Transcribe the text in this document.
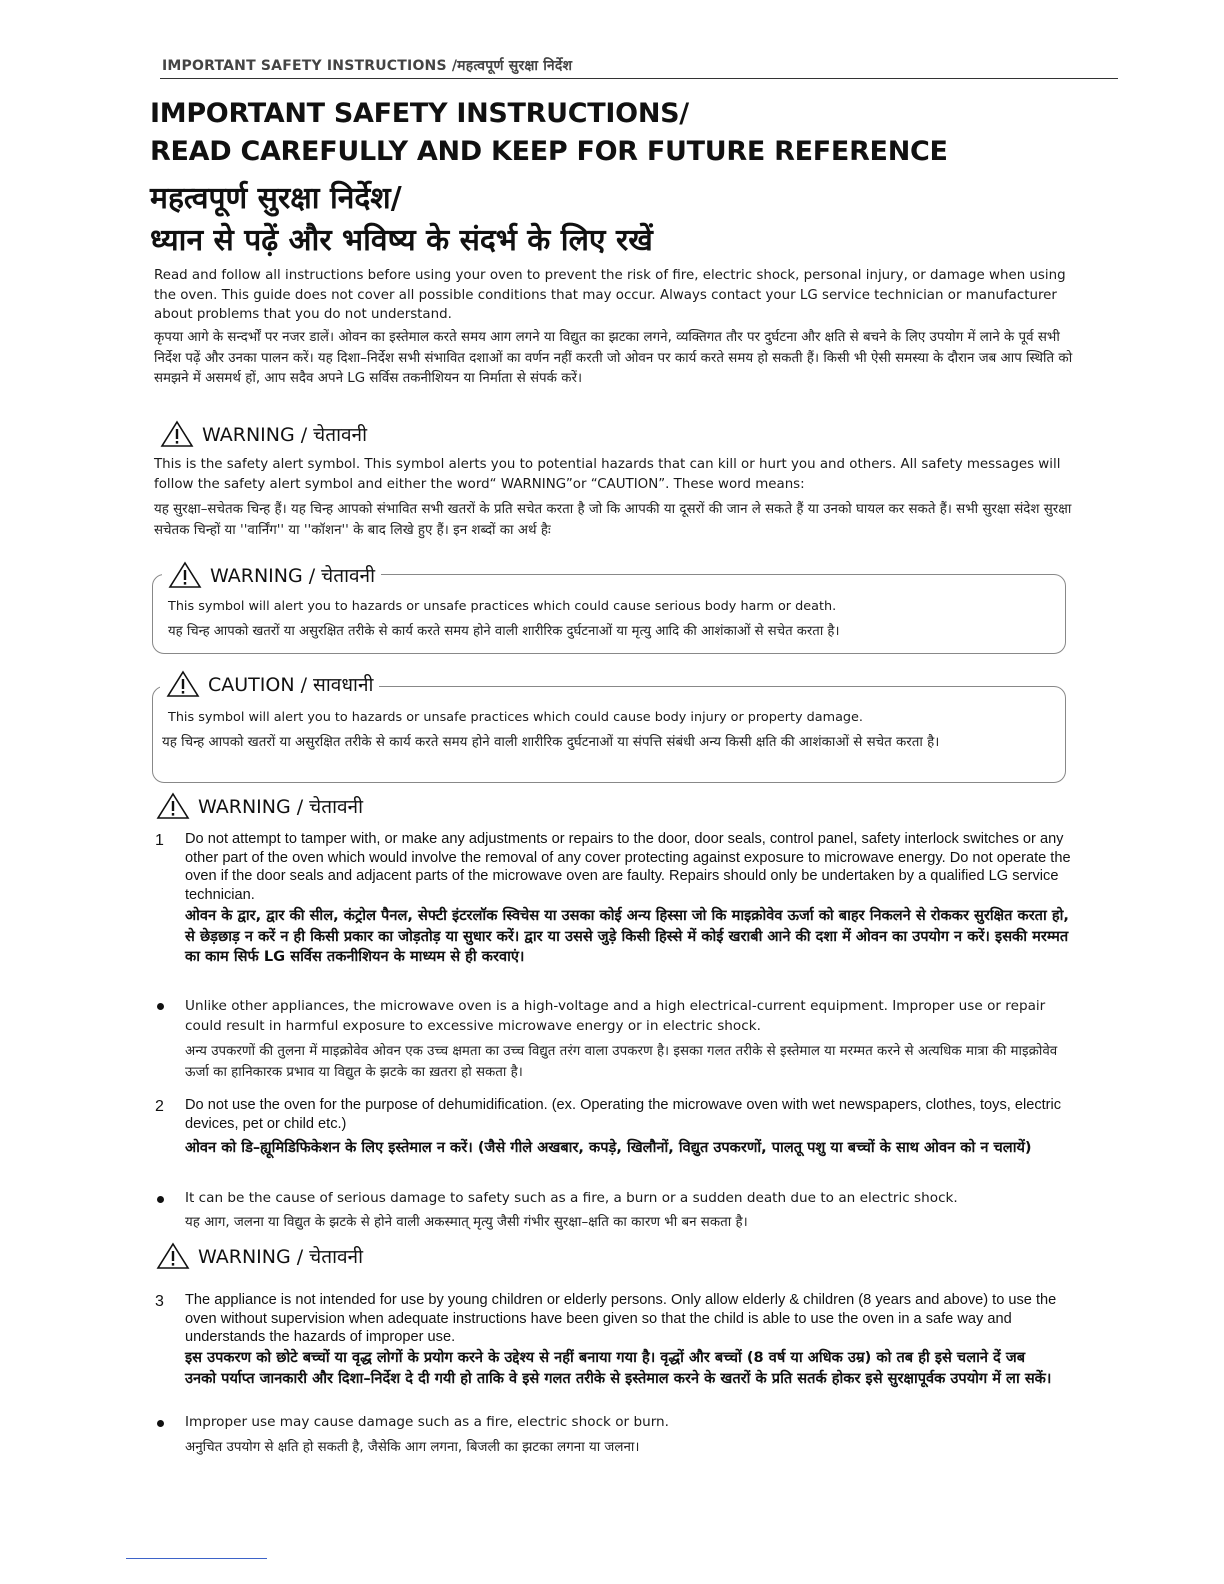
IMPORTANT SAFETY INSTRUCTIONS /महत्वपूर्ण सुरक्षा निर्देश
IMPORTANT SAFETY INSTRUCTIONS/
READ CAREFULLY AND KEEP FOR FUTURE REFERENCE
महत्वपूर्ण सुरक्षा निर्देश/
ध्यान से पढ़ें और भविष्य के संदर्भ के लिए रखें
Read and follow all instructions before using your oven to prevent the risk of fire, electric shock, personal injury, or damage when using the oven. This guide does not cover all possible conditions that may occur. Always contact your LG service technician or manufacturer about problems that you do not understand.
कृपया आगे के सन्दर्भों पर नजर डालें। ओवन का इस्तेमाल करते समय आग लगने या विद्युत का झटका लगने, व्यक्तिगत तौर पर दुर्घटना और क्षति से बचने के लिए उपयोग में लाने के पूर्व सभी निर्देश पढ़ें और उनका पालन करें। यह दिशा–निर्देश सभी संभावित दशाओं का वर्णन नहीं करती जो ओवन पर कार्य करते समय हो सकती हैं। किसी भी ऐसी समस्या के दौरान जब आप स्थिति को समझने में असमर्थ हों, आप सदैव अपने LG सर्विस तकनीशियन या निर्माता से संपर्क करें।
WARNING / चेतावनी
This is the safety alert symbol. This symbol alerts you to potential hazards that can kill or hurt you and others. All safety messages will follow the safety alert symbol and either the word“ WARNING”or “CAUTION”. These word means:
यह सुरक्षा–सचेतक चिन्ह हैं। यह चिन्ह आपको संभावित सभी खतरों के प्रति सचेत करता है जो कि आपकी या दूसरों की जान ले सकते हैं या उनको घायल कर सकते हैं। सभी सुरक्षा संदेश सुरक्षा सचेतक चिन्हों या ''वार्निंग'' या ''कॉशन'' के बाद लिखे हुए हैं। इन शब्दों का अर्थ हैः
WARNING / चेतावनी
This symbol will alert you to hazards or unsafe practices which could cause serious body harm or death.
यह चिन्ह आपको खतरों या असुरक्षित तरीके से कार्य करते समय होने वाली शारीरिक दुर्घटनाओं या मृत्यु आदि की आशंकाओं से सचेत करता है।
CAUTION / सावधानी
This symbol will alert you to hazards or unsafe practices which could cause body injury or property damage.
यह चिन्ह आपको खतरों या असुरक्षित तरीके से कार्य करते समय होने वाली शारीरिक दुर्घटनाओं या संपत्ति संबंधी अन्य किसी क्षति की आशंकाओं से सचेत करता है।
WARNING / चेतावनी
1 Do not attempt to tamper with, or make any adjustments or repairs to the door, door seals, control panel, safety interlock switches or any other part of the oven which would involve the removal of any cover protecting against exposure to microwave energy. Do not operate the oven if the door seals and adjacent parts of the microwave oven are faulty. Repairs should only be undertaken by a qualified LG service technician.
ओवन के द्वार, द्वार की सील, कंट्रोल पैनल, सेफ्टी इंटरलॉक स्विचेस या उसका कोई अन्य हिस्सा जो कि माइक्रोवेव ऊर्जा को बाहर निकलने से रोककर सुरक्षित करता हो, से छेड़छाड़ न करें न ही किसी प्रकार का जोड़तोड़ या सुधार करें। द्वार या उससे जुड़े किसी हिस्से में कोई खराबी आने की दशा में ओवन का उपयोग न करें। इसकी मरम्मत का काम सिर्फ LG सर्विस तकनीशियन के माध्यम से ही करवाएं।
Unlike other appliances, the microwave oven is a high-voltage and a high electrical-current equipment. Improper use or repair could result in harmful exposure to excessive microwave energy or in electric shock.
अन्य उपकरणों की तुलना में माइक्रोवेव ओवन एक उच्च क्षमता का उच्च विद्युत तरंग वाला उपकरण है। इसका गलत तरीके से इस्तेमाल या मरम्मत करने से अत्यधिक मात्रा की माइक्रोवेव ऊर्जा का हानिकारक प्रभाव या विद्युत के झटके का ख़तरा हो सकता है।
2 Do not use the oven for the purpose of dehumidification. (ex. Operating the microwave oven with wet newspapers, clothes, toys, electric devices, pet or child etc.)
ओवन को डि–ह्यूमिडिफिकेशन के लिए इस्तेमाल न करें। (जैसे गीले अखबार, कपड़े, खिलौनों, विद्युत उपकरणों, पालतू पशु या बच्चों के साथ ओवन को न चलायें)
It can be the cause of serious damage to safety such as a fire, a burn or a sudden death due to an electric shock.
यह आग, जलना या विद्युत के झटके से होने वाली अकस्मात् मृत्यु जैसी गंभीर सुरक्षा–क्षति का कारण भी बन सकता है।
WARNING / चेतावनी
3 The appliance is not intended for use by young children or elderly persons. Only allow elderly & children (8 years and above) to use the oven without supervision when adequate instructions have been given so that the child is able to use the oven in a safe way and understands the hazards of improper use.
इस उपकरण को छोटे बच्चों या वृद्ध लोगों के प्रयोग करने के उद्देश्य से नहीं बनाया गया है। वृद्धों और बच्चों (8 वर्ष या अधिक उम्र) को तब ही इसे चलाने दें जब उनको पर्याप्त जानकारी और दिशा–निर्देश दे दी गयी हो ताकि वे इसे गलत तरीके से इस्तेमाल करने के खतरों के प्रति सतर्क होकर इसे सुरक्षापूर्वक उपयोग में ला सकें।
Improper use may cause damage such as a fire, electric shock or burn.
अनुचित उपयोग से क्षति हो सकती है, जैसेकि आग लगना, बिजली का झटका लगना या जलना।
